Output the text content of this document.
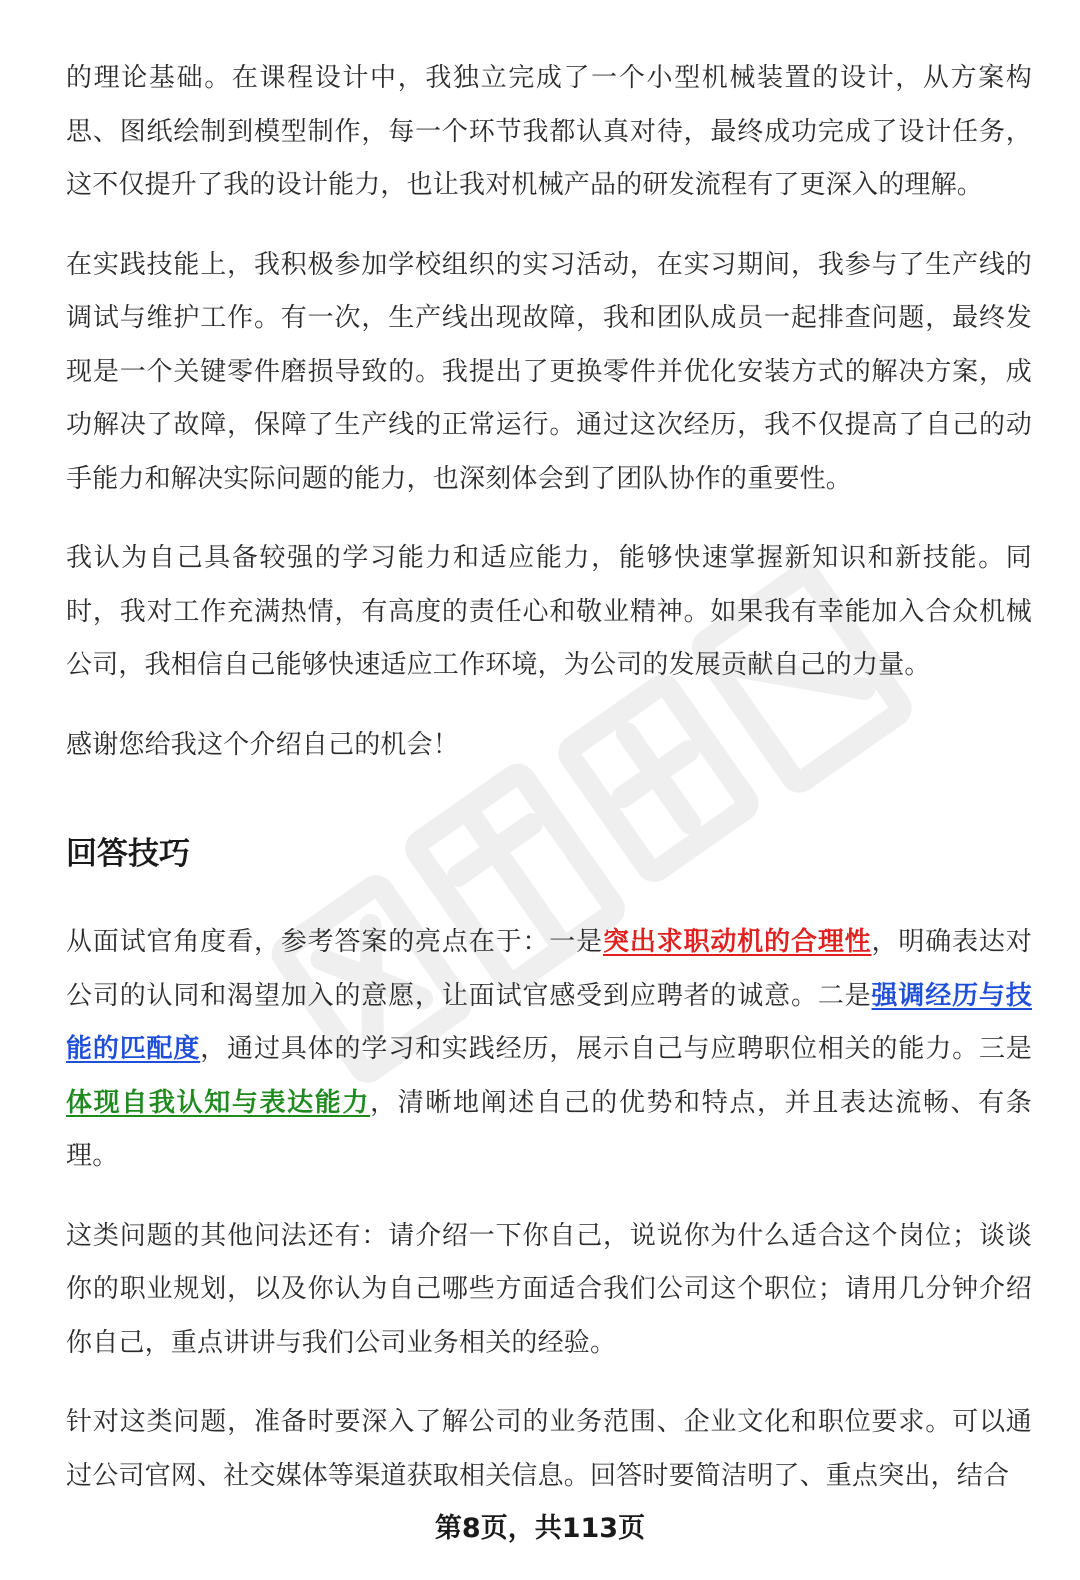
的理论基础。在课程设计中，我独立完成了一个小型机械装置的设计，从方案构思、图纸绘制到模型制作，每一个环节我都认真对待，最终成功完成了设计任务，这不仅提升了我的设计能力，也让我对机械产品的研发流程有了更深入的理解。

在实践技能上，我积极参加学校组织的实习活动，在实习期间，我参与了生产线的调试与维护工作。有一次，生产线出现故障，我和团队成员一起排查问题，最终发现是一个关键零件磨损导致的。我提出了更换零件并优化安装方式的解决方案，成功解决了故障，保障了生产线的正常运行。通过这次经历，我不仅提高了自己的动手能力和解决实际问题的能力，也深刻体会到了团队协作的重要性。

我认为自己具备较强的学习能力和适应能力，能够快速掌握新知识和新技能。同时，我对工作充满热情，有高度的责任心和敬业精神。如果我有幸能加入合众机械公司，我相信自己能够快速适应工作环境，为公司的发展贡献自己的力量。

感谢您给我这个介绍自己的机会！

回答技巧

从面试官角度看，参考答案的亮点在于：一是突出求职动机的合理性，明确表达对公司的认同和渴望加入的意愿，让面试官感受到应聘者的诚意。二是强调经历与技能的匹配度，通过具体的学习和实践经历，展示自己与应聘职位相关的能力。三是体现自我认知与表达能力，清晰地阐述自己的优势和特点，并且表达流畅、有条理。

这类问题的其他问法还有：请介绍一下你自己，说说你为什么适合这个岗位；谈谈你的职业规划，以及你认为自己哪些方面适合我们公司这个职位；请用几分钟介绍你自己，重点讲讲与我们公司业务相关的经验。

针对这类问题，准备时要深入了解公司的业务范围、企业文化和职位要求。可以通过公司官网、社交媒体等渠道获取相关信息。回答时要简洁明了、重点突出，结合

第8页，共113页
